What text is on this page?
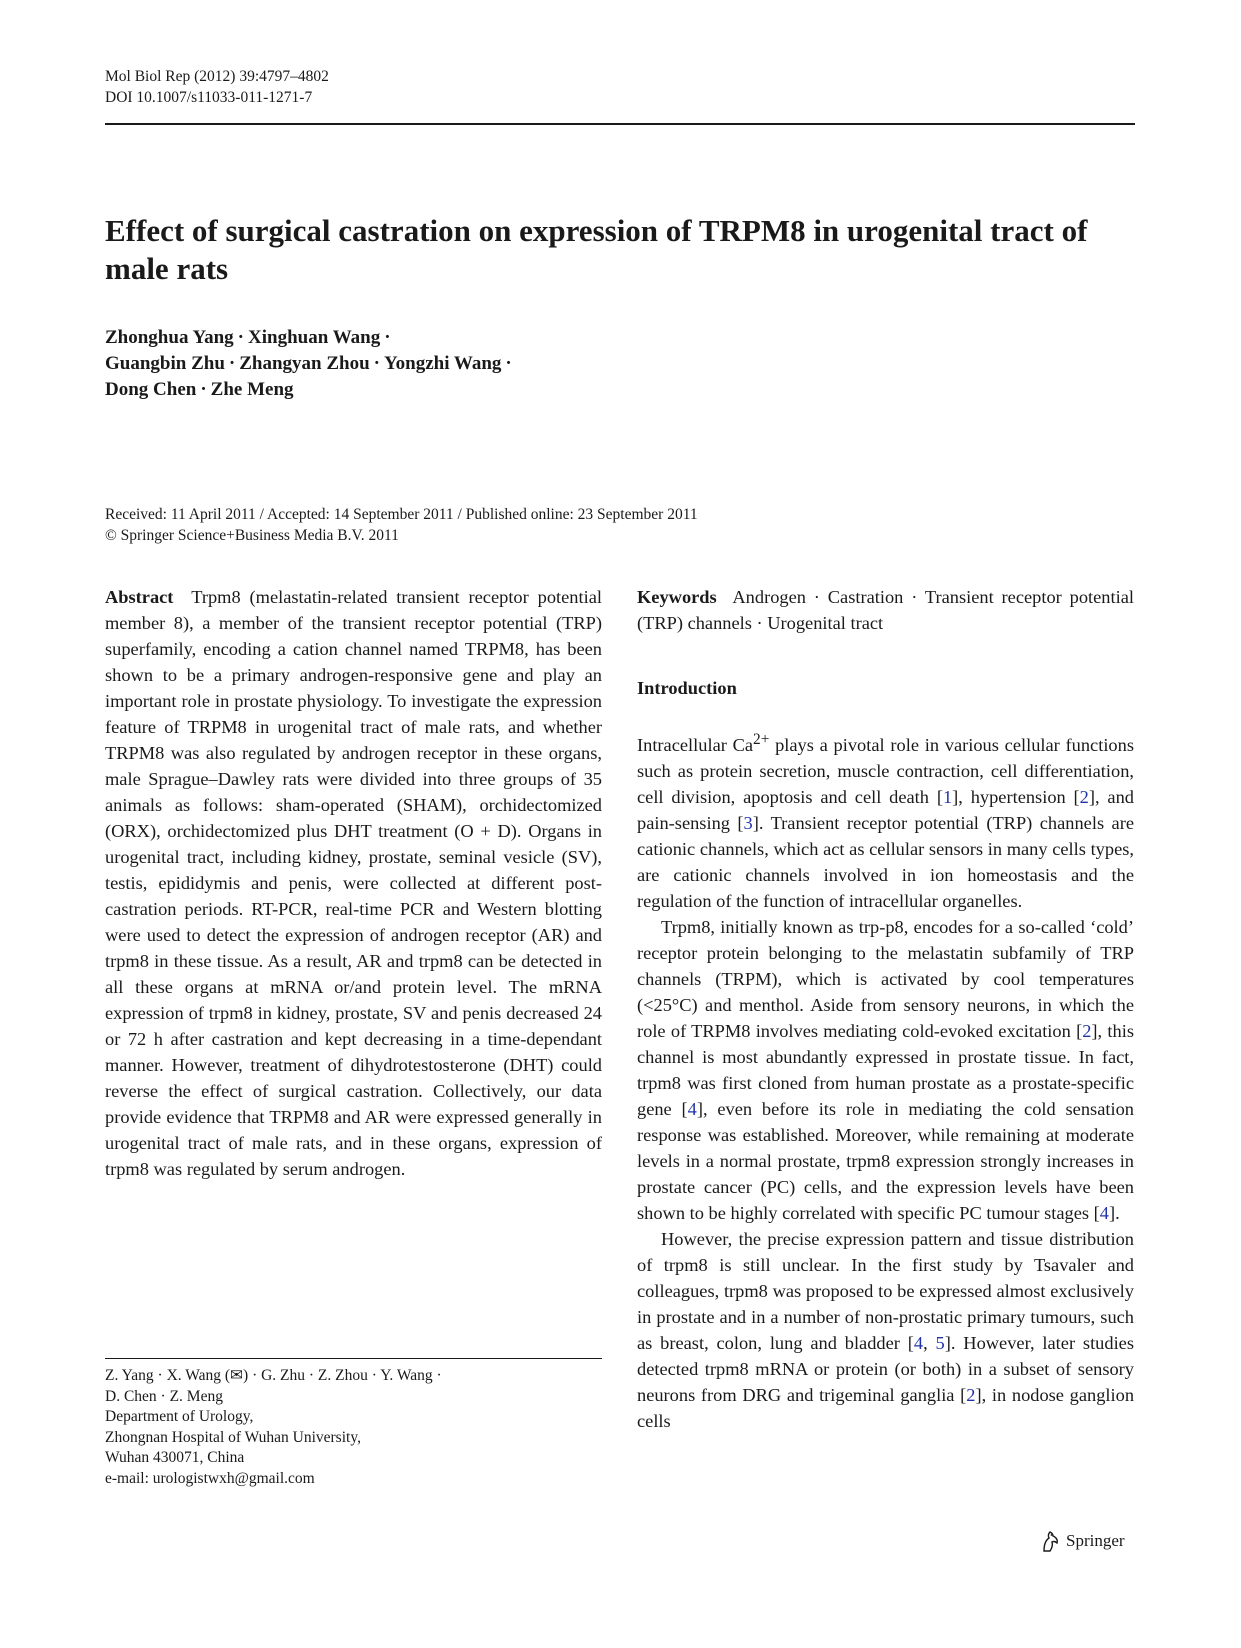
Mol Biol Rep (2012) 39:4797–4802
DOI 10.1007/s11033-011-1271-7
Effect of surgical castration on expression of TRPM8 in urogenital tract of male rats
Zhonghua Yang · Xinghuan Wang ·
Guangbin Zhu · Zhangyan Zhou · Yongzhi Wang ·
Dong Chen · Zhe Meng
Received: 11 April 2011 / Accepted: 14 September 2011 / Published online: 23 September 2011
© Springer Science+Business Media B.V. 2011

Abstract Trpm8 (melastatin-related transient receptor potential member 8), a member of the transient receptor potential (TRP) superfamily, encoding a cation channel named TRPM8, has been shown to be a primary androgen-responsive gene and play an important role in prostate physiology. To investigate the expression feature of TRPM8 in urogenital tract of male rats, and whether TRPM8 was also regulated by androgen receptor in these organs, male Sprague–Dawley rats were divided into three groups of 35 animals as follows: sham-operated (SHAM), orchidectomized (ORX), orchidectomized plus DHT treatment (O + D). Organs in urogenital tract, including kidney, prostate, seminal vesicle (SV), testis, epididymis and penis, were collected at different post-castration periods. RT-PCR, real-time PCR and Western blotting were used to detect the expression of androgen receptor (AR) and trpm8 in these tissue. As a result, AR and trpm8 can be detected in all these organs at mRNA or/and protein level. The mRNA expression of trpm8 in kidney, prostate, SV and penis decreased 24 or 72 h after castration and kept decreasing in a time-dependant manner. However, treatment of dihydrotestosterone (DHT) could reverse the effect of surgical castration. Collectively, our data provide evidence that TRPM8 and AR were expressed generally in urogenital tract of male rats, and in these organs, expression of trpm8 was regulated by serum androgen.

Z. Yang · X. Wang (✉) · G. Zhu · Z. Zhou · Y. Wang ·
D. Chen · Z. Meng
Department of Urology,
Zhongnan Hospital of Wuhan University,
Wuhan 430071, China
e-mail: urologistwxh@gmail.com

Keywords Androgen · Castration · Transient receptor potential (TRP) channels · Urogenital tract

Introduction

Intracellular $Ca^{2+}$ plays a pivotal role in various cellular functions such as protein secretion, muscle contraction, cell differentiation, cell division, apoptosis and cell death [1], hypertension [2], and pain-sensing [3]. Transient receptor potential (TRP) channels are cationic channels, which act as cellular sensors in many cells types, are cationic channels involved in ion homeostasis and the regulation of the function of intracellular organelles.

Trpm8, initially known as trp-p8, encodes for a so-called ‘cold’ receptor protein belonging to the melastatin subfamily of TRP channels (TRPM), which is activated by cool temperatures (<25°C) and menthol. Aside from sensory neurons, in which the role of TRPM8 involves mediating cold-evoked excitation [2], this channel is most abundantly expressed in prostate tissue. In fact, trpm8 was first cloned from human prostate as a prostate-specific gene [4], even before its role in mediating the cold sensation response was established. Moreover, while remaining at moderate levels in a normal prostate, trpm8 expression strongly increases in prostate cancer (PC) cells, and the expression levels have been shown to be highly correlated with specific PC tumour stages [4].

However, the precise expression pattern and tissue distribution of trpm8 is still unclear. In the first study by Tsavaler and colleagues, trpm8 was proposed to be expressed almost exclusively in prostate and in a number of non-prostatic primary tumours, such as breast, colon, lung and bladder [4, 5]. However, later studies detected trpm8 mRNA or protein (or both) in a subset of sensory neurons from DRG and trigeminal ganglia [2], in nodose ganglion cells

Springer
